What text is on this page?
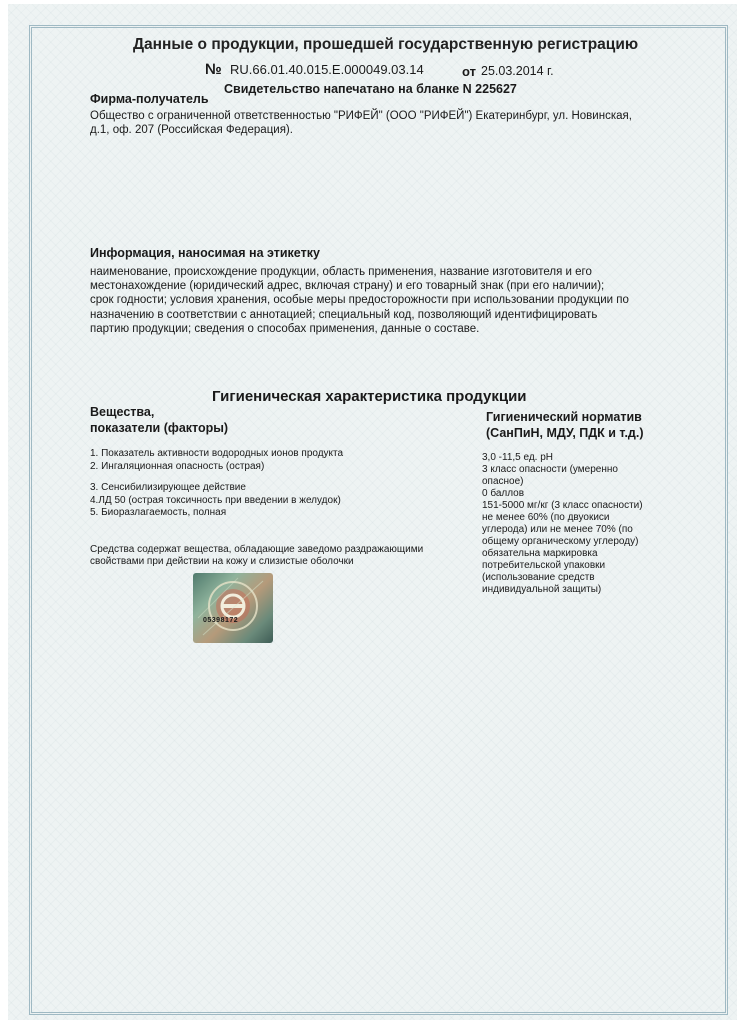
Данные о продукции, прошедшей государственную регистрацию
№ RU.66.01.40.015.E.000049.03.14	от 25.03.2014 г.
Свидетельство напечатано на бланке N 225627
Фирма-получатель
Общество с ограниченной ответственностью "РИФЕЙ" (ООО "РИФЕЙ") Екатеринбург, ул. Новинская, д.1, оф. 207 (Российская Федерация).
Информация, наносимая на этикетку
наименование, происхождение продукции, область применения, название изготовителя и его местонахождение (юридический адрес, включая страну) и его товарный знак (при его наличии); срок годности; условия хранения, особые меры предосторожности при использовании продукции по назначению в соответствии с аннотацией; специальный код, позволяющий идентифицировать партию продукции; сведения о способах применения, данные о составе.
Гигиеническая характеристика продукции
Вещества,
показатели (факторы)
Гигиенический норматив (СанПиН, МДУ, ПДК и т.д.)
1. Показатель активности водородных ионов продукта
2. Ингаляционная опасность (острая)
3. Сенсибилизирующее действие
4.ЛД 50 (острая токсичность при введении в желудок)
5. Биоразлагаемость, полная
3,0 -11,5 ед. pH
3 класс опасности (умеренно опасное)
0 баллов
151-5000 мг/кг (3 класс опасности)
не менее 60% (по двуокиси углерода) или не менее 70% (по общему органическому углероду)
обязательна маркировка потребительской упаковки (использование средств индивидуальной защиты)
Средства содержат вещества, обладающие заведомо раздражающими свойствами при действии на кожу и слизистые оболочки
05398172
